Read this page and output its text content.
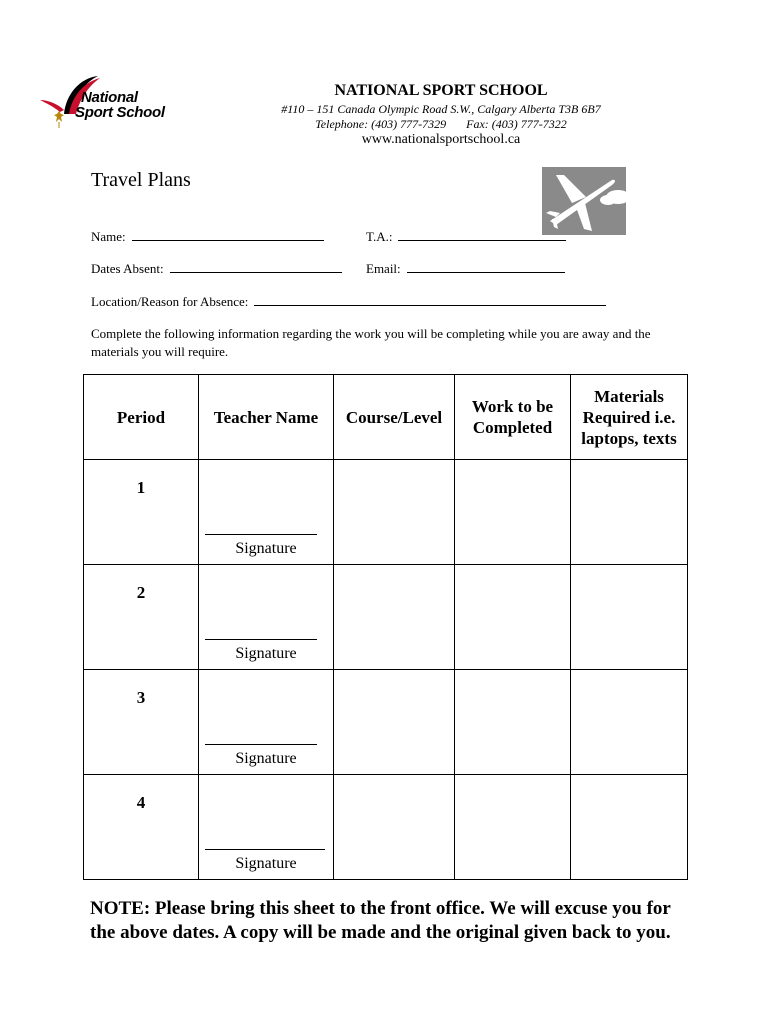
National
Sport School
NATIONAL SPORT SCHOOL
#110 – 151 Canada Olympic Road S.W., Calgary Alberta T3B 6B7
Telephone: (403) 777-7329 Fax: (403) 777-7322
www.nationalsportschool.ca
Travel Plans
Name:	T.A.:
Dates Absent:	Email:
Location/Reason for Absence:
Complete the following information regarding the work you will be completing while you are away and the materials you will require.
Period	Teacher Name	Course/Level	Work to be Completed	Materials Required i.e. laptops, texts

1	Signature			

2	Signature			

3	Signature			

4	Signature			

NOTE: Please bring this sheet to the front office. We will excuse you for the above dates. A copy will be made and the original given back to you.
